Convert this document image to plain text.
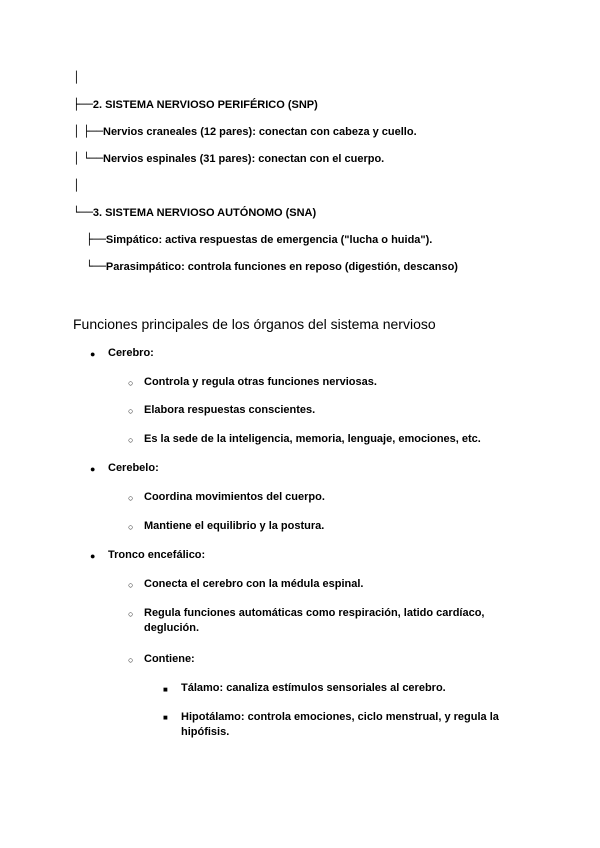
│
├──2. SISTEMA NERVIOSO PERIFÉRICO (SNP)
│ ├──Nervios craneales (12 pares): conectan con cabeza y cuello.
│ └──Nervios espinales (31 pares): conectan con el cuerpo.
│
└──3. SISTEMA NERVIOSO AUTÓNOMO (SNA)
├──Simpático: activa respuestas de emergencia ("lucha o huida").
└──Parasimpático: controla funciones en reposo (digestión, descanso)
Funciones principales de los órganos del sistema nervioso
● Cerebro:
○ Controla y regula otras funciones nerviosas.
○ Elabora respuestas conscientes.
○ Es la sede de la inteligencia, memoria, lenguaje, emociones, etc.
● Cerebelo:
○ Coordina movimientos del cuerpo.
○ Mantiene el equilibrio y la postura.
● Tronco encefálico:
○ Conecta el cerebro con la médula espinal.
○ Regula funciones automáticas como respiración, latido cardíaco, deglución.
○ Contiene:
■ Tálamo: canaliza estímulos sensoriales al cerebro.
■ Hipotálamo: controla emociones, ciclo menstrual, y regula la hipófisis.
